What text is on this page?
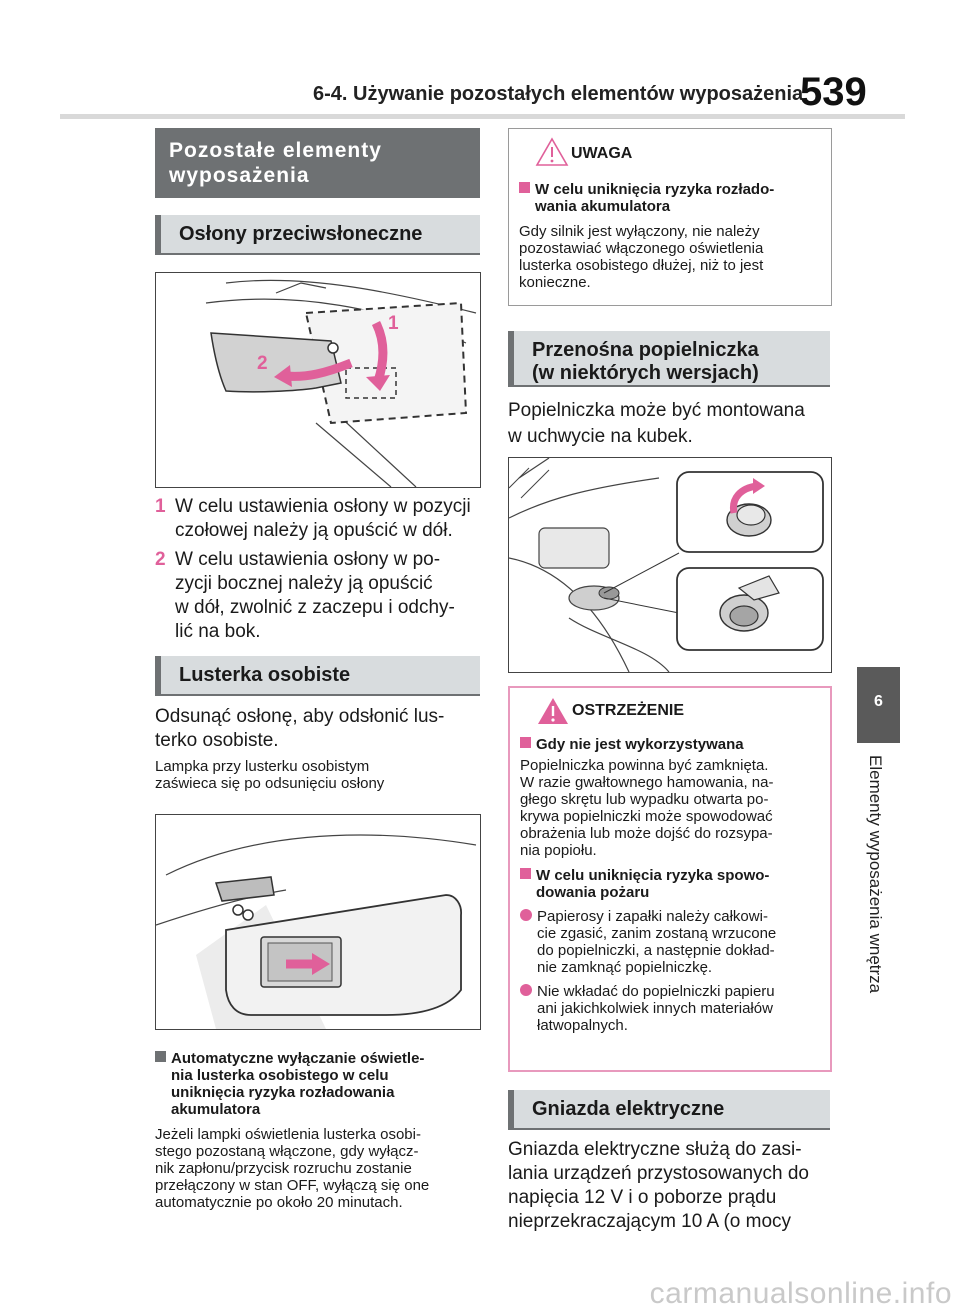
6-4. Używanie pozostałych elementów wyposażenia
539
6
Elementy wyposażenia wnętrza
Pozostałe elementy
wyposażenia
Osłony przeciwsłoneczne
1
2
1 W celu ustawienia osłony w pozycji
czołowej należy ją opuścić w dół.
2 W celu ustawienia osłony w po-
zycji bocznej należy ją opuścić
w dół, zwolnić z zaczepu i odchy-
lić na bok.
Lusterka osobiste
Odsunąć osłonę, aby odsłonić lus-
terko osobiste.
Lampka przy lusterku osobistym
zaświeca się po odsunięciu osłony
Automatyczne wyłączanie oświetle-
nia lusterka osobistego w celu
uniknięcia ryzyka rozładowania
akumulatora
Jeżeli lampki oświetlenia lusterka osobi-
stego pozostaną włączone, gdy wyłącz-
nik zapłonu/przycisk rozruchu zostanie
przełączony w stan OFF, wyłączą się one
automatycznie po około 20 minutach.
UWAGA
W celu uniknięcia ryzyka rozłado-
wania akumulatora
Gdy silnik jest wyłączony, nie należy
pozostawiać włączonego oświetlenia
lusterka osobistego dłużej, niż to jest
konieczne.
Przenośna popielniczka
(w niektórych wersjach)
Popielniczka może być montowana
w uchwycie na kubek.
OSTRZEŻENIE
Gdy nie jest wykorzystywana
Popielniczka powinna być zamknięta.
W razie gwałtownego hamowania, na-
głego skrętu lub wypadku otwarta po-
krywa popielniczki może spowodować
obrażenia lub może dojść do rozsypa-
nia popiołu.
W celu uniknięcia ryzyka spowo-
dowania pożaru
Papierosy i zapałki należy całkowi-
cie zgasić, zanim zostaną wrzucone
do popielniczki, a następnie dokład-
nie zamknąć popielniczkę.
Nie wkładać do popielniczki papieru
ani jakichkolwiek innych materiałów
łatwopalnych.
Gniazda elektryczne
Gniazda elektryczne służą do zasi-
lania urządzeń przystosowanych do
napięcia 12 V i o poborze prądu
nieprzekraczającym 10 A (o mocy
carmanualsonline.info
